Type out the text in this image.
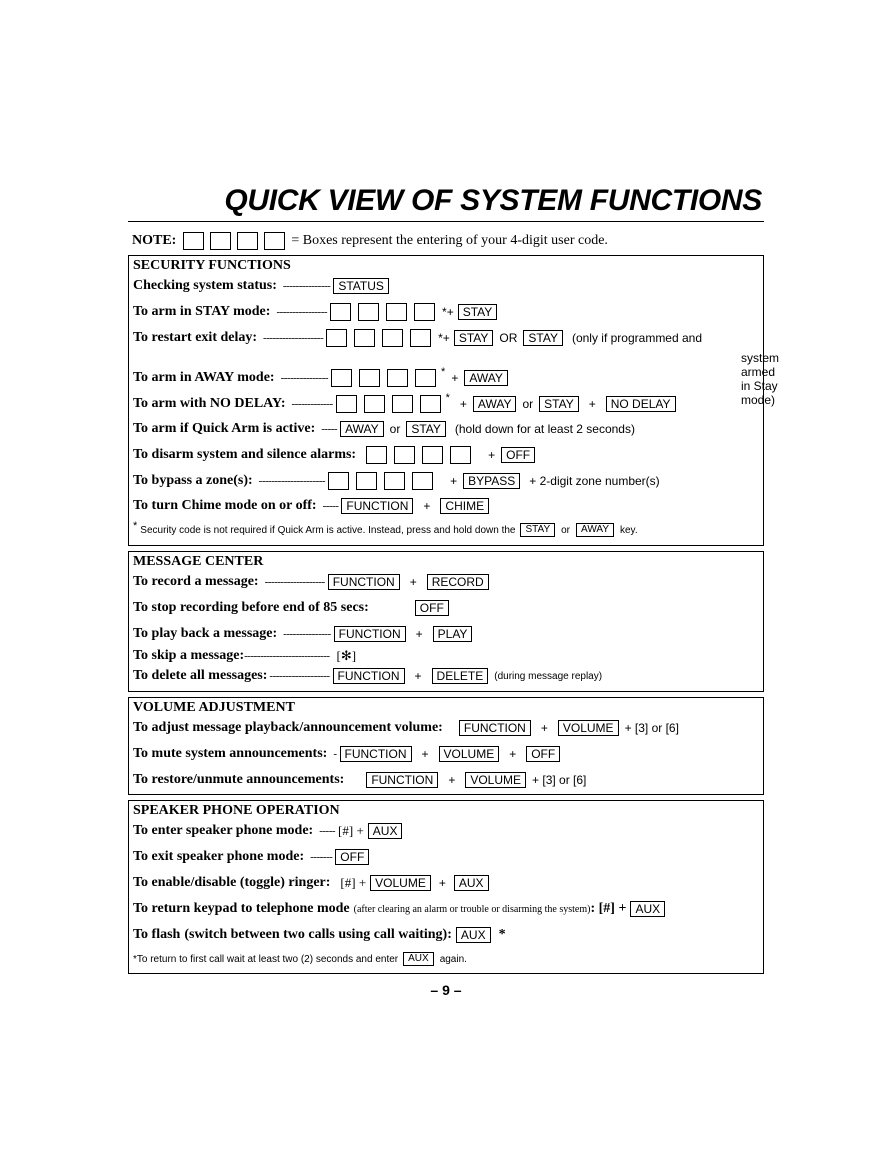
QUICK VIEW OF SYSTEM FUNCTIONS
NOTE:	= Boxes represent the entering of your 4-digit user code.
SECURITY FUNCTIONS
Checking system status: --------------- STATUS
To arm in STAY mode: ----------------	*+ STAY
To restart exit delay: -------------------	*+ STAY OR STAY	(only if programmed and
system armed in Stay mode)
To arm in AWAY mode: ---------------	* + AWAY
To arm with NO DELAY: -------------	* + AWAY or STAY	+	NO DELAY
To arm if Quick Arm is active: ----- AWAY or STAY	(hold down for at least 2 seconds)
To disarm system and silence alarms:	+ OFF
To bypass a zone(s): ---------------------	+ BYPASS	+ 2-digit zone number(s)
To turn Chime mode on or off: ----- FUNCTION	+	CHIME
* Security code is not required if Quick Arm is active. Instead, press and hold down the	STAY	or	AWAY	key.
MESSAGE CENTER
To record a message: ------------------- FUNCTION	+	RECORD
To stop recording before end of 85 secs:	OFF
To play back a message: --------------- FUNCTION	+	PLAY
To skip a message: --------------------------- [✻]
To delete all messages: ------------------- FUNCTION	+	DELETE	(during message replay)
VOLUME ADJUSTMENT
To adjust message playback/announcement volume:	FUNCTION	+	VOLUME + [3] or [6]
To mute system announcements: - FUNCTION	+	VOLUME	+	OFF
To restore/unmute announcements:	FUNCTION	+	VOLUME + [3] or [6]
SPEAKER PHONE OPERATION
To enter speaker phone mode: ----- [#] + AUX
To exit speaker phone mode: ------- OFF
To enable/disable (toggle) ringer: [#] + VOLUME	+	AUX
To return keypad to telephone mode (after clearing an alarm or trouble or disarming the system) : [#] + AUX
To flash (switch between two calls using call waiting) : AUX *
*To return to first call wait at least two (2) seconds and enter	AUX	again.
– 9 –
